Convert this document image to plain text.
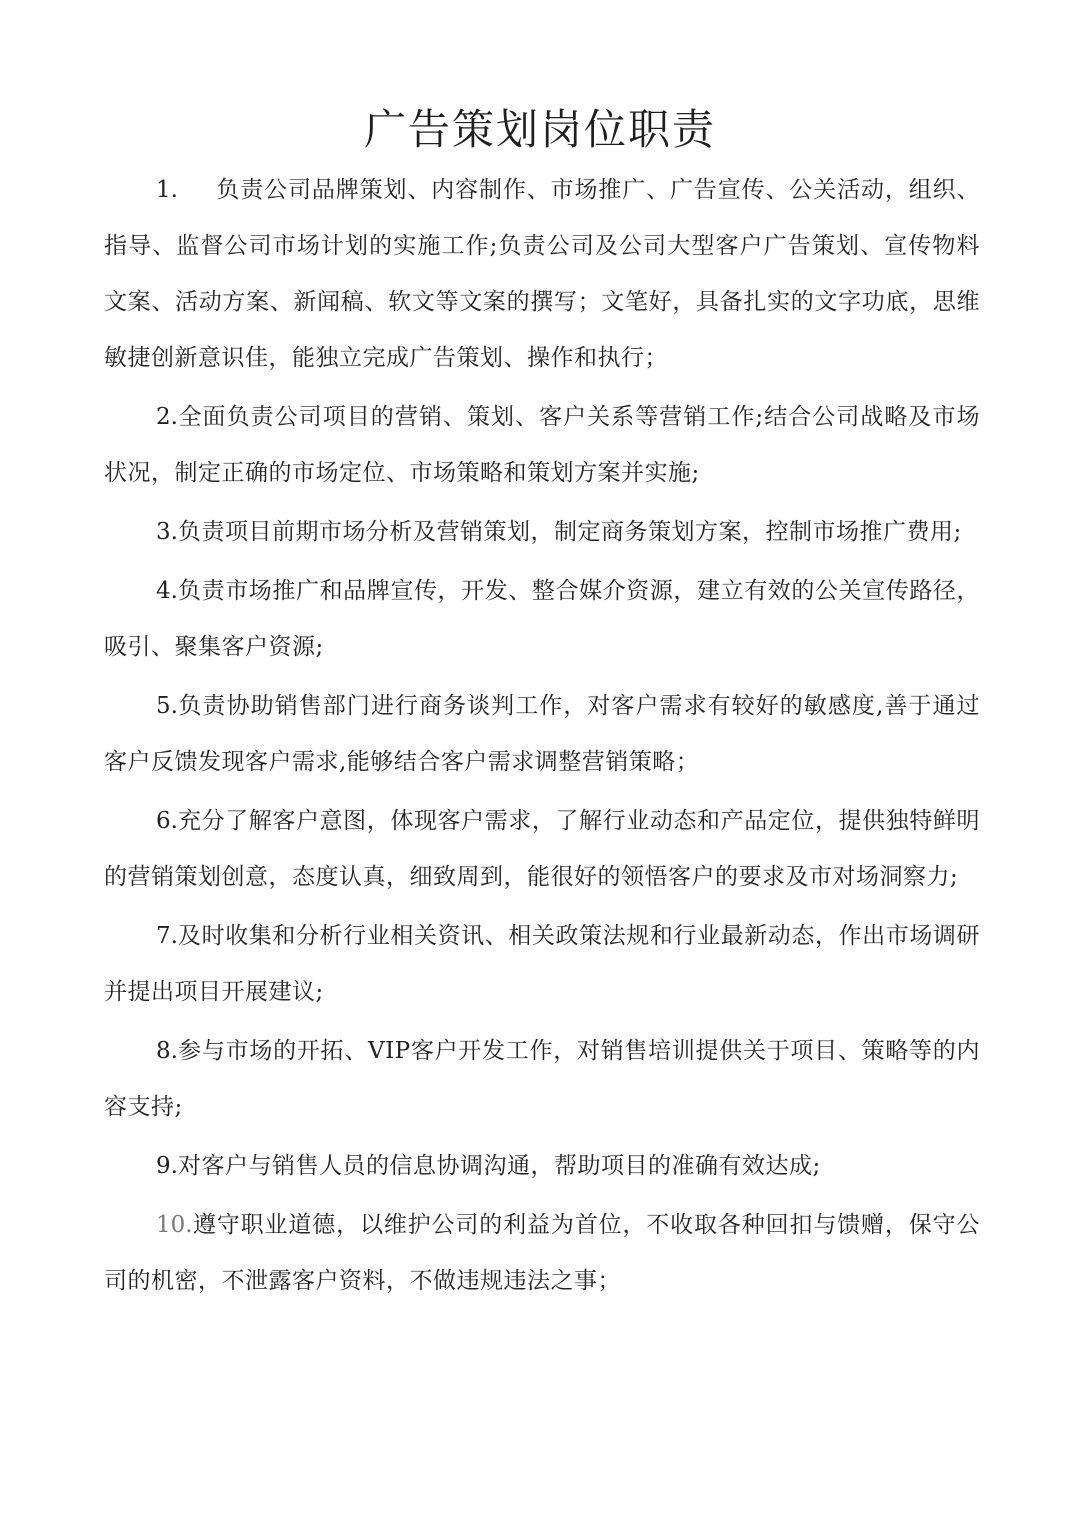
广告策划岗位职责

1. 负责公司品牌策划、内容制作、市场推广、广告宣传、公关活动，组织、指导、监督公司市场计划的实施工作;负责公司及公司大型客户广告策划、宣传物料文案、活动方案、新闻稿、软文等文案的撰写；文笔好，具备扎实的文字功底，思维敏捷创新意识佳，能独立完成广告策划、操作和执行；

2.全面负责公司项目的营销、策划、客户关系等营销工作;结合公司战略及市场状况，制定正确的市场定位、市场策略和策划方案并实施;

3.负责项目前期市场分析及营销策划，制定商务策划方案，控制市场推广费用;

4.负责市场推广和品牌宣传，开发、整合媒介资源，建立有效的公关宣传路径，吸引、聚集客户资源;

5.负责协助销售部门进行商务谈判工作，对客户需求有较好的敏感度,善于通过客户反馈发现客户需求,能够结合客户需求调整营销策略；

6.充分了解客户意图，体现客户需求，了解行业动态和产品定位，提供独特鲜明的营销策划创意，态度认真，细致周到，能很好的领悟客户的要求及市对场洞察力;

7.及时收集和分析行业相关资讯、相关政策法规和行业最新动态，作出市场调研并提出项目开展建议;

8.参与市场的开拓、VIP客户开发工作，对销售培训提供关于项目、策略等的内容支持;

9.对客户与销售人员的信息协调沟通，帮助项目的准确有效达成;

10.遵守职业道德，以维护公司的利益为首位，不收取各种回扣与馈赠，保守公司的机密，不泄露客户资料，不做违规违法之事；
